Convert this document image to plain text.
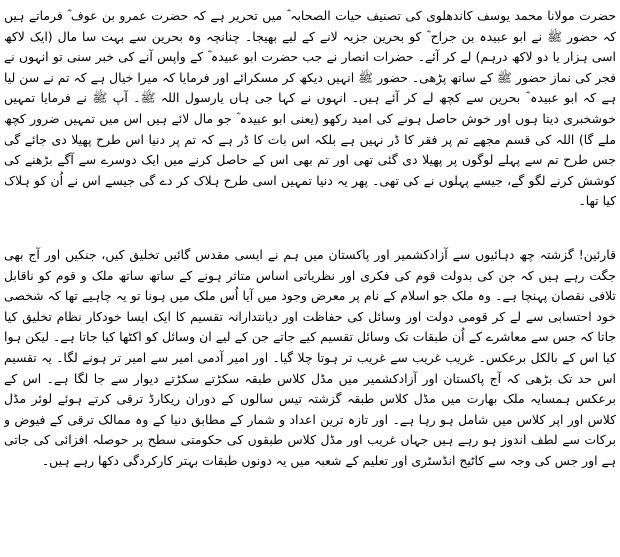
حضرت مولانا محمد یوسف کاندھلوی کی تصنیف حیات الصحابہ ؓ میں تحریر ہے کہ حضرت عمرو بن عوف ؓ فرماتے ہیں کہ حضور ﷺ نے ابو عبیدہ بن جراح ؓ کو بحرین جزیہ لانے کے لیے بھیجا۔ چنانچہ وہ بحرین سے بہت سا مال (ایک لاکھ اسی ہزار یا دو لاکھ درہم) لے کر آئے۔ حضرات انصار نے جب حضرت ابو عبیدہ ؓ کے واپس آنے کی خبر سنی تو انہوں نے فجر کی نماز حضور ﷺ کے ساتھ پڑھی۔ حضور ﷺ انہیں دیکھ کر مسکرائے اور فرمایا کہ میرا خیال ہے کہ تم نے سن لیا ہے کہ ابو عبیدہ ؓ بحرین سے کچھ لے کر آئے ہیں۔ انہوں نے کہا جی ہاں یارسول اللہ ﷺ۔ آپ ﷺ نے فرمایا تمہیں خوشخبری دیتا ہوں اور خوش حاصل ہونے کی امید رکھو (یعنی ابو عبیدہ ؓ جو مال لائے ہیں اس میں تمہیں ضرور کچھ ملے گا) اللہ کی قسم مجھے تم پر فقر کا ڈر نہیں ہے بلکہ اس بات کا ڈر ہے کہ تم پر دنیا اس طرح پھیلا دی جائے گی جس طرح تم سے پہلے لوگوں پر پھیلا دی گئی تھی اور تم بھی اس کے حاصل کرنے میں ایک دوسرے سے آگے بڑھنے کی کوشش کرنے لگو گے، جیسے پہلوں نے کی تھی۔ پھر یہ دنیا تمہیں اسی طرح ہلاک کر دے گی جیسے اس نے اُن کو ہلاک کیا تھا۔

قارئین! گزشتہ چھ دہائیوں سے آزادکشمیر اور پاکستان میں ہم نے ایسی مقدس گائیں تخلیق کیں، جنکیں اور آج بھی جگت رہے ہیں کہ جن کی بدولت قوم کی فکری اور نظریاتی اساس متاثر ہونے کے ساتھ ساتھ ملک و قوم کو ناقابل تلافی نقصان پہنچا ہے۔ وہ ملک جو اسلام کے نام پر معرض وجود میں آیا اُس ملک میں ہونا تو یہ چاہیے تھا کہ شخصی خود احتسابی سے لے کر قومی دولت اور وسائل کی حفاظت اور دیانتدارانہ تقسیم کا ایک ایسا خودکار نظام تخلیق کیا جاتا کہ جس سے معاشرے کے اُن طبقات تک وسائل تقسیم کیے جاتے جن کے لیے ان وسائل کو اکٹھا کیا جاتا ہے۔ لیکن ہوا کیا اس کے بالکل برعکس۔ غریب غریب سے غریب تر ہوتا چلا گیا۔ اور امیر آدمی امیر سے امیر تر ہونے لگا۔ یہ تقسیم اس حد تک بڑھی کہ آج پاکستان اور آزادکشمیر میں مڈل کلاس طبقہ سکڑتے سکڑتے دیوار سے جا لگا ہے۔ اس کے برعکس ہمسایہ ملک بھارت میں مڈل کلاس طبقہ گزشتہ تیس سالوں کے دوران ریکارڈ ترقی کرتے ہوئے لوئر مڈل کلاس اور اپر کلاس میں شامل ہو رہا ہے۔ اور تازہ ترین اعداد و شمار کے مطابق دنیا کے وہ ممالک ترقی کے فیوض و برکات سے لطف اندوز ہو رہے ہیں جہاں غریب اور مڈل کلاس طبقوں کی حکومتی سطح پر حوصلہ افزائی کی جاتی ہے اور جس کی وجہ سے کاٹیج انڈسٹری اور تعلیم کے شعبہ میں یہ دونوں طبقات بہتر کارکردگی دکھا رہے ہیں۔
